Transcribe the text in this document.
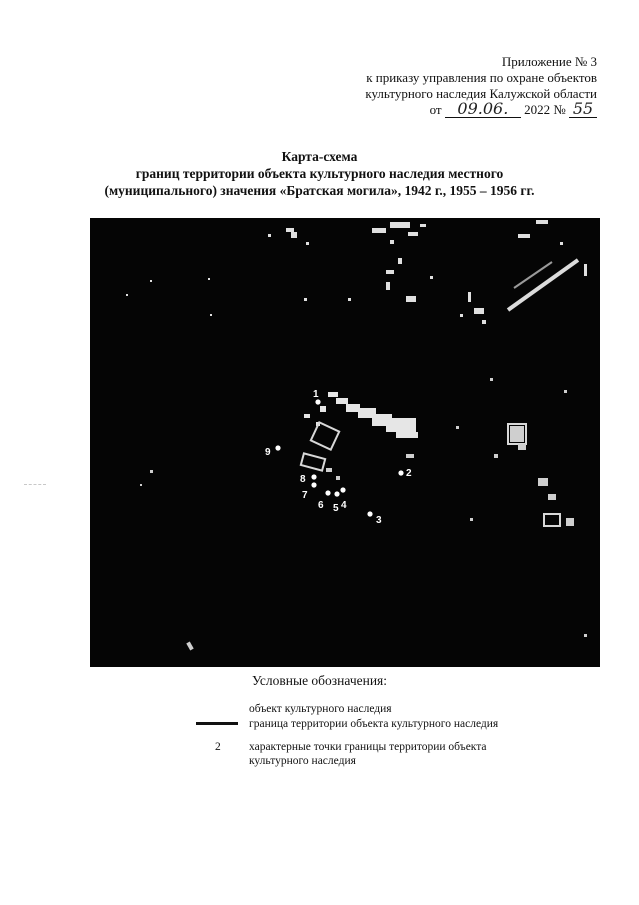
Приложение № 3
к приказу управления по охране объектов
культурного наследия Калужской области
от 09.06. 2022 № 55
Карта-схема
границ территории объекта культурного наследия местного
(муниципального) значения «Братская могила», 1942 г., 1955 – 1956 гг.
1
2
3
4
5
6
7
8
9
Условные обозначения:
объект культурного наследия
граница территории объекта культурного наследия
2 характерные точки границы территории объекта
культурного наследия
